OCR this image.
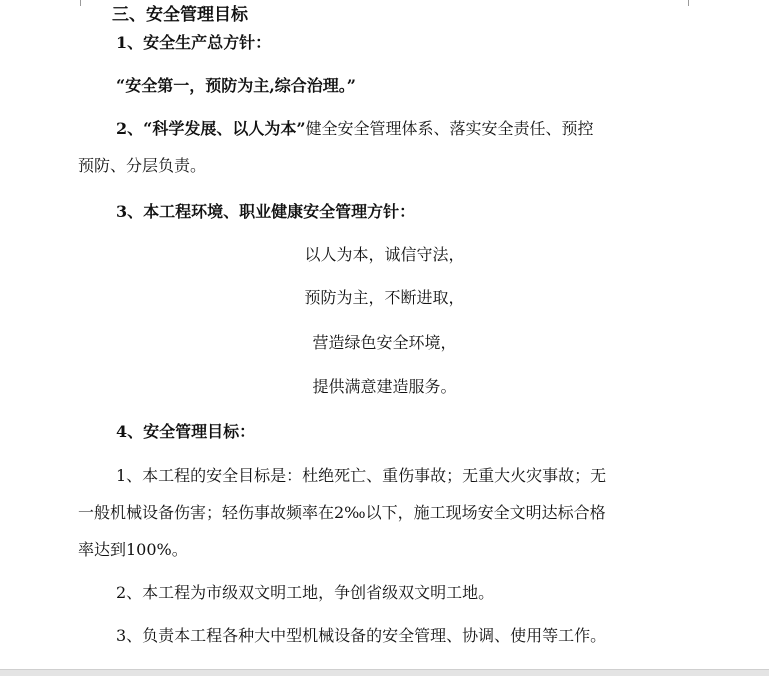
三、安全管理目标
1、安全生产总方针：
“安全第一，预防为主,综合治理。”
2、“科学发展、以人为本”健全安全管理体系、落实安全责任、预控
预防、分层负责。
3、本工程环境、职业健康安全管理方针：
以人为本，诚信守法，
预防为主，不断进取，
营造绿色安全环境，
提供满意建造服务。
4、安全管理目标：
1、本工程的安全目标是：杜绝死亡、重伤事故；无重大火灾事故；无
一般机械设备伤害；轻伤事故频率在2‰以下，施工现场安全文明达标合格
率达到100%。
2、本工程为市级双文明工地，争创省级双文明工地。
3、负责本工程各种大中型机械设备的安全管理、协调、使用等工作。
